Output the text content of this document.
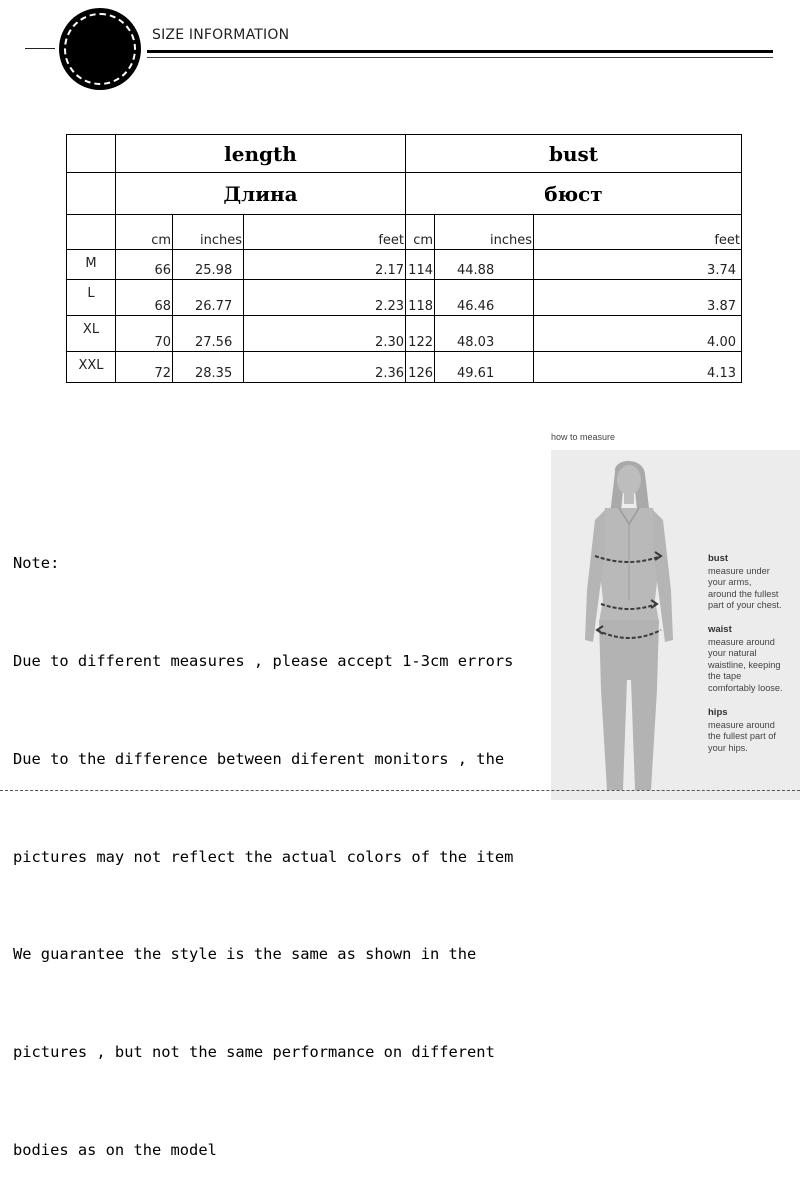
SIZE INFORMATION
	length			bust		
	Длина			бюст		
	cm	inches	feet	cm	inches	feet
M	66	25.98	2.17	114	44.88	3.74
L	68	26.77	2.23	118	46.46	3.87
XL	70	27.56	2.30	122	48.03	4.00
XXL	72	28.35	2.36	126	49.61	4.13

Note:

Due to different measures , please accept 1-3cm errors

Due to the difference between diferent monitors , the

pictures may not reflect the actual colors of the item

We guarantee the style is the same as shown in the

pictures , but not the same performance on different

bodies as on the model

how to measure
bust
measure under
your arms,
around the fullest
part of your chest.
waist
measure around
your natural
waistline, keeping
the tape
comfortably loose.
hips
measure around
the fullest part of
your hips.
